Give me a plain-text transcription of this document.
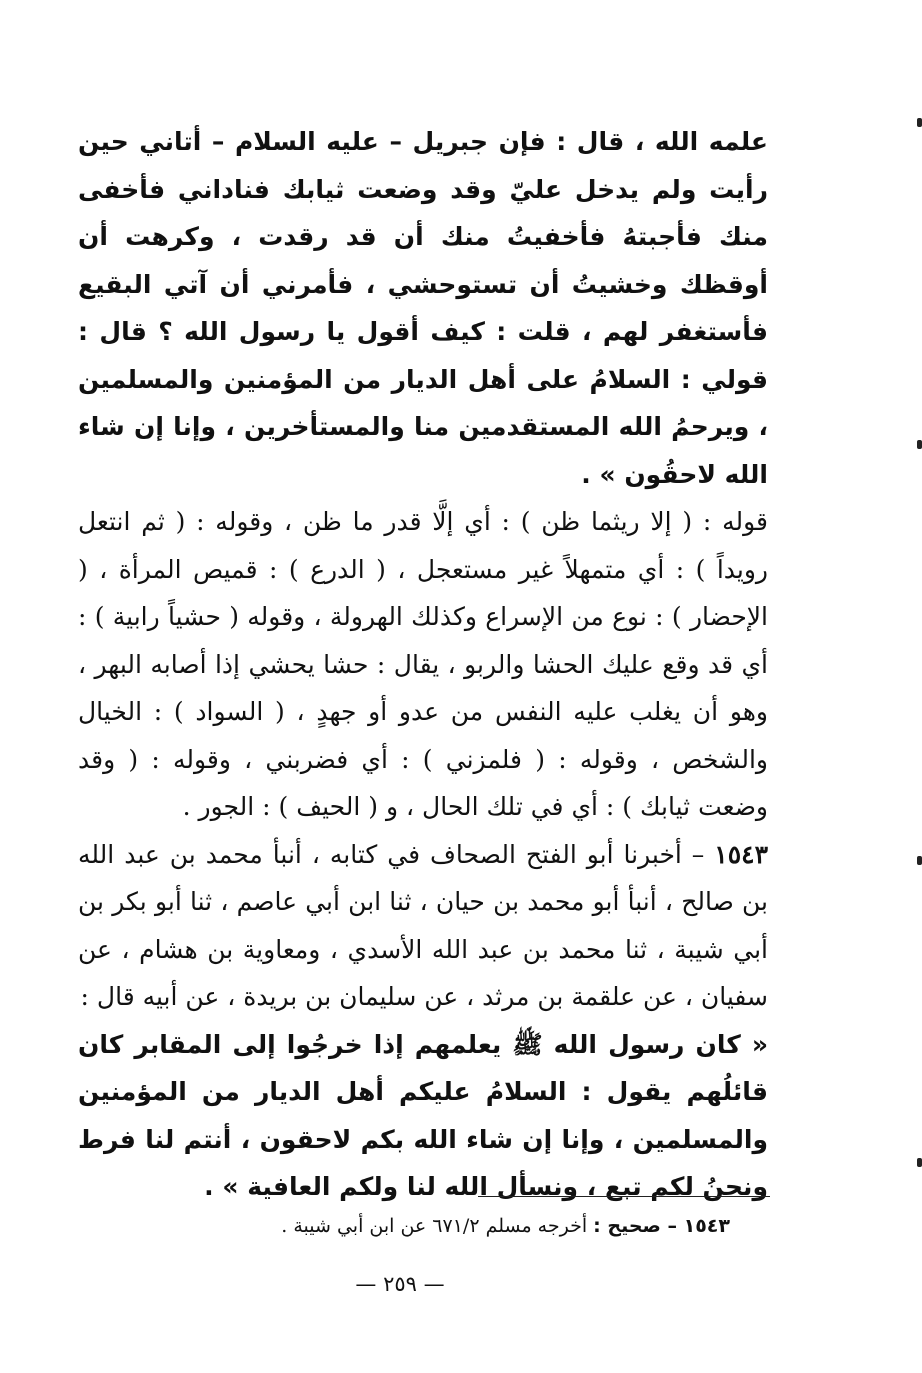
علمه الله ، قال : فإن جبريل – عليه السلام – أتاني حين رأيت ولم يدخل عليّ وقد وضعت ثيابك فناداني فأخفى منك فأجبتهُ فأخفيتُ منك أن قد رقدت ، وكرهت أن أوقظك وخشيتُ أن تستوحشي ، فأمرني أن آتي البقيع فأستغفر لهم ، قلت : كيف أقول يا رسول الله ؟ قال : قولي : السلامُ على أهل الديار من المؤمنين والمسلمين ، ويرحمُ الله المستقدمين منا والمستأخرين ، وإنا إن شاء الله لاحقُون » .

قوله : ( إلا ريثما ظن ) : أي إلَّا قدر ما ظن ، وقوله : ( ثم انتعل رويداً ) : أي متمهلاً غير مستعجل ، ( الدرع ) : قميص المرأة ، ( الإحضار ) : نوع من الإسراع وكذلك الهرولة ، وقوله ( حشياً رابية ) : أي قد وقع عليك الحشا والربو ، يقال : حشا يحشي إذا أصابه البهر ، وهو أن يغلب عليه النفس من عدو أو جهدٍ ، ( السواد ) : الخيال والشخص ، وقوله : ( فلمزني ) : أي فضربني ، وقوله : ( وقد وضعت ثيابك ) : أي في تلك الحال ، و ( الحيف ) : الجور .

١٥٤٣ – أخبرنا أبو الفتح الصحاف في كتابه ، أنبأ محمد بن عبد الله بن صالح ، أنبأ أبو محمد بن حيان ، ثنا ابن أبي عاصم ، ثنا أبو بكر بن أبي شيبة ، ثنا محمد بن عبد الله الأسدي ، ومعاوية بن هشام ، عن سفيان ، عن علقمة بن مرثد ، عن سليمان بن بريدة ، عن أبيه قال :

« كان رسول الله ﷺ يعلمهم إذا خرجُوا إلى المقابر كان قائلُهم يقول : السلامُ عليكم أهل الديار من المؤمنين والمسلمين ، وإنا إن شاء الله بكم لاحقون ، أنتم لنا فرط ونحنُ لكم تبع ، ونسأل الله لنا ولكم العافية » .

١٥٤٣ – صحيح : أخرجه مسلم ٦٧١/٢ عن ابن أبي شيبة .
— ٢٥٩ —
